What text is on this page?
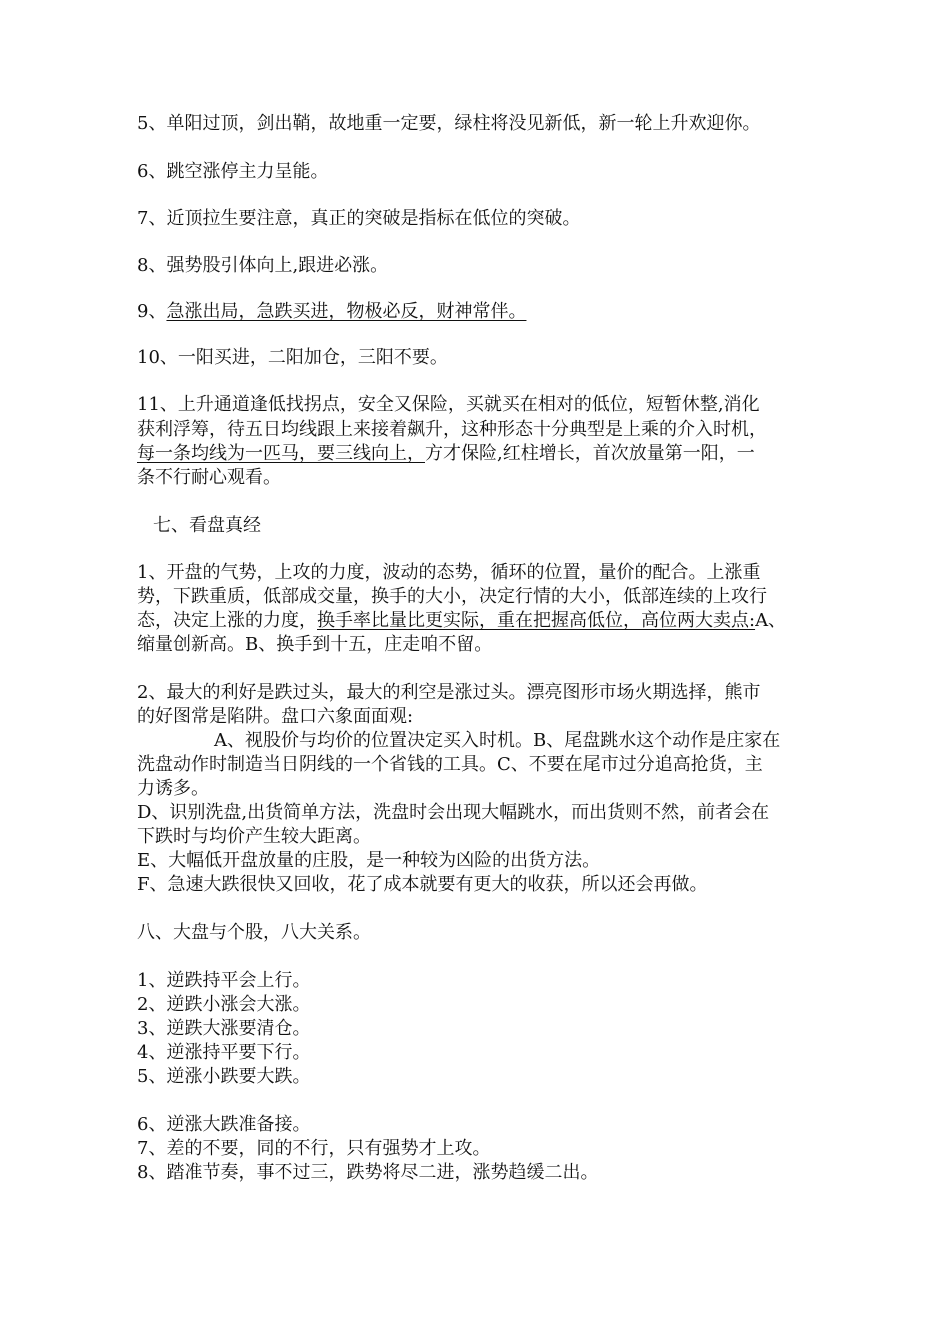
5、单阳过顶，剑出鞘，故地重一定要，绿柱将没见新低，新一轮上升欢迎你。
6、跳空涨停主力呈能。
7、近顶拉生要注意，真正的突破是指标在低位的突破。
8、强势股引体向上,跟进必涨。
9、急涨出局，急跌买进，物极必反，财神常伴。
10、一阳买进，二阳加仓，三阳不要。
11、上升通道逢低找拐点，安全又保险，买就买在相对的低位，短暂休整,消化
获利浮筹，待五日均线跟上来接着飙升，这种形态十分典型是上乘的介入时机，
每一条均线为一匹马，要三线向上，方才保险,红柱增长，首次放量第一阳，一
条不行耐心观看。
七、看盘真经
1、开盘的气势，上攻的力度，波动的态势，循环的位置，量价的配合。上涨重
势，下跌重质，低部成交量，换手的大小，决定行情的大小，低部连续的上攻行
态，决定上涨的力度，换手率比量比更实际，重在把握高低位，高位两大卖点:A、
缩量创新高。B、换手到十五，庄走咱不留。
2、最大的利好是跌过头，最大的利空是涨过头。漂亮图形市场火期选择，熊市
的好图常是陷阱。盘口六象面面观:
A、视股价与均价的位置决定买入时机。B、尾盘跳水这个动作是庄家在
洗盘动作时制造当日阴线的一个省钱的工具。C、不要在尾市过分追高抢货，主
力诱多。
D、识别洗盘,出货简单方法，洗盘时会出现大幅跳水，而出货则不然，前者会在
下跌时与均价产生较大距离。
E、大幅低开盘放量的庄股，是一种较为凶险的出货方法。
F、急速大跌很快又回收，花了成本就要有更大的收获，所以还会再做。
八、大盘与个股，八大关系。
1、逆跌持平会上行。
2、逆跌小涨会大涨。
3、逆跌大涨要清仓。
4、逆涨持平要下行。
5、逆涨小跌要大跌。
6、逆涨大跌准备接。
7、差的不要，同的不行，只有强势才上攻。
8、踏准节奏，事不过三，跌势将尽二进，涨势趋缓二出。
